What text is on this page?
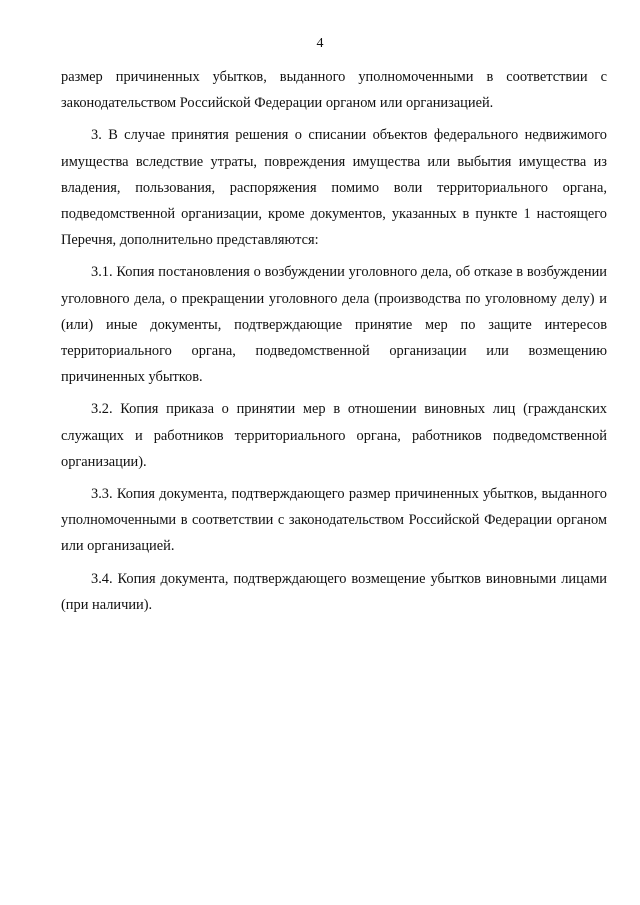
4

размер причиненных убытков, выданного уполномоченными в соответствии с законодательством Российской Федерации органом или организацией.

3. В случае принятия решения о списании объектов федерального недвижимого имущества вследствие утраты, повреждения имущества или выбытия имущества из владения, пользования, распоряжения помимо воли территориального органа, подведомственной организации, кроме документов, указанных в пункте 1 настоящего Перечня, дополнительно представляются:

3.1. Копия постановления о возбуждении уголовного дела, об отказе в возбуждении уголовного дела, о прекращении уголовного дела (производства по уголовному делу) и (или) иные документы, подтверждающие принятие мер по защите интересов территориального органа, подведомственной организации или возмещению причиненных убытков.

3.2. Копия приказа о принятии мер в отношении виновных лиц (гражданских служащих и работников территориального органа, работников подведомственной организации).

3.3. Копия документа, подтверждающего размер причиненных убытков, выданного уполномоченными в соответствии с законодательством Российской Федерации органом или организацией.

3.4. Копия документа, подтверждающего возмещение убытков виновными лицами (при наличии).
